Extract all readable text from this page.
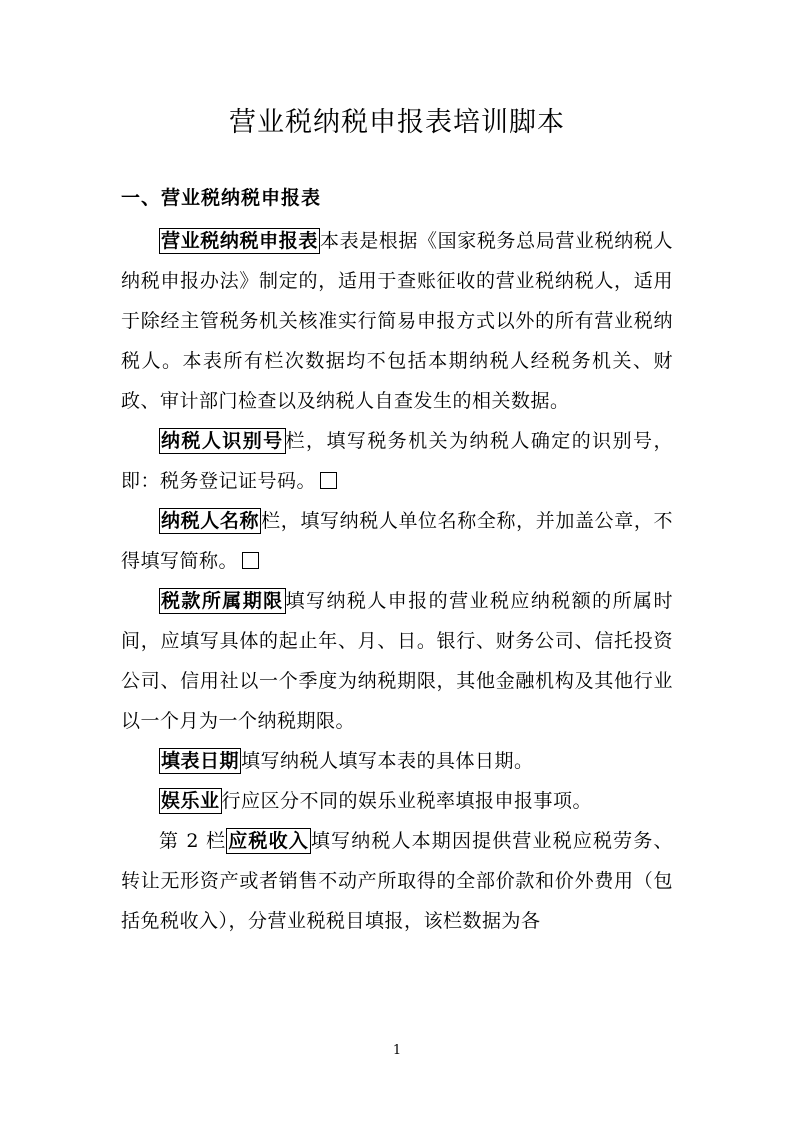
营业税纳税申报表培训脚本
一、营业税纳税申报表

营业税纳税申报表 本表是根据《国家税务总局营业税纳税人纳税申报办法》制定的，适用于查账征收的营业税纳税人，适用于除经主管税务机关核准实行简易申报方式以外的所有营业税纳税人。本表所有栏次数据均不包括本期纳税人经税务机关、财政、审计部门检查以及纳税人自查发生的相关数据。

纳税人识别号 栏，填写税务机关为纳税人确定的识别号，即：税务登记证号码。

纳税人名称 栏，填写纳税人单位名称全称，并加盖公章，不得填写简称。

税款所属期限 填写纳税人申报的营业税应纳税额的所属时间，应填写具体的起止年、月、日。银行、财务公司、信托投资公司、信用社以一个季度为纳税期限，其他金融机构及其他行业以一个月为一个纳税期限。

填表日期 填写纳税人填写本表的具体日期。

娱乐业 行应区分不同的娱乐业税率填报申报事项。

第 2 栏 应税收入 填写纳税人本期因提供营业税应税劳务、转让无形资产或者销售不动产所取得的全部价款和价外费用（包括免税收入），分营业税税目填报，该栏数据为各

1
